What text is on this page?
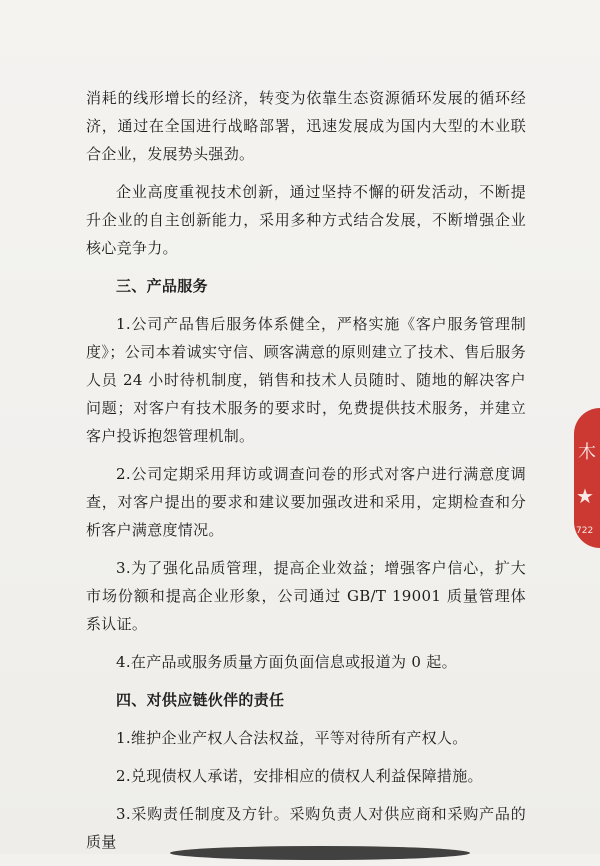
消耗的线形增长的经济，转变为依靠生态资源循环发展的循环经济，通过在全国进行战略部署，迅速发展成为国内大型的木业联合企业，发展势头强劲。

企业高度重视技术创新，通过坚持不懈的研发活动，不断提升企业的自主创新能力，采用多种方式结合发展，不断增强企业核心竞争力。

三、产品服务

1.公司产品售后服务体系健全，严格实施《客户服务管理制度》；公司本着诚实守信、顾客满意的原则建立了技术、售后服务人员 24 小时待机制度，销售和技术人员随时、随地的解决客户问题；对客户有技术服务的要求时，免费提供技术服务，并建立客户投诉抱怨管理机制。

2.公司定期采用拜访或调查问卷的形式对客户进行满意度调查，对客户提出的要求和建议要加强改进和采用，定期检查和分析客户满意度情况。

3.为了强化品质管理，提高企业效益；增强客户信心，扩大市场份额和提高企业形象，公司通过 GB/T 19001 质量管理体系认证。

4.在产品或服务质量方面负面信息或报道为 0 起。

四、对供应链伙伴的责任

1.维护企业产权人合法权益，平等对待所有产权人。

2.兑现债权人承诺，安排相应的债权人利益保障措施。

3.采购责任制度及方针。采购负责人对供应商和采购产品的质量

木
★
722
